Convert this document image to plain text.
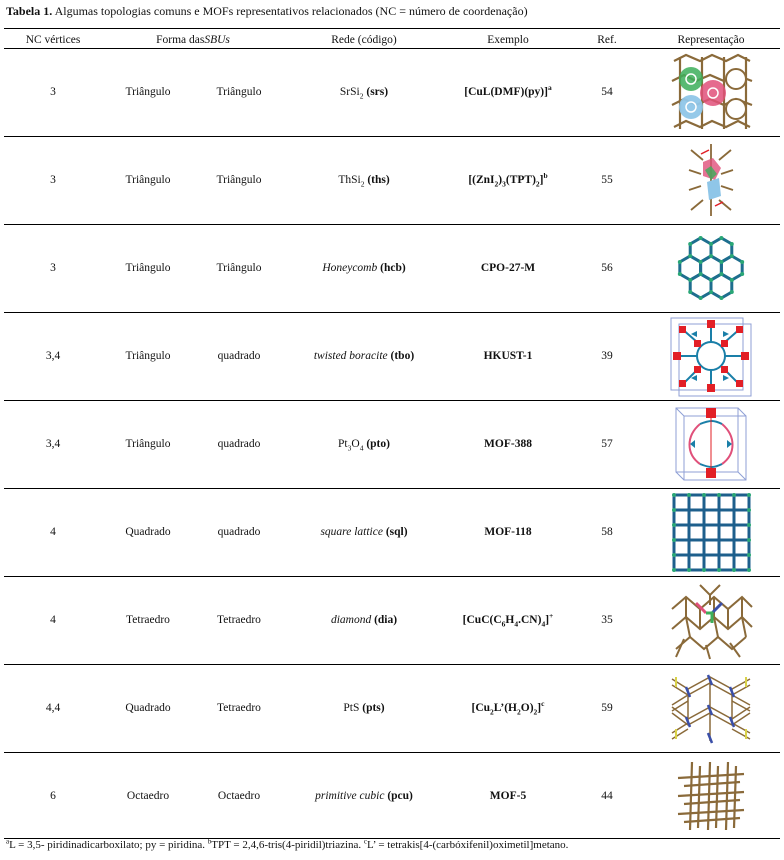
Tabela 1. Algumas topologias comuns e MOFs representativos relacionados (NC = número de coordenação)
NC vértices	Forma das SBUs	Rede (código)	Exemplo	Ref.	Representação
3	Triângulo	Triângulo	SrSi$_2$ (srs)	$[CuL(DMF)(py)]^a$	54
3	Triângulo	Triângulo	ThSi$_2$ (ths)	$[(ZnI_2)_3(TPT)_2]^b$	55
3	Triângulo	Triângulo	Honeycomb (hcb)	CPO-27-M	56
3,4	Triângulo	quadrado	twisted boracite (tbo)	HKUST-1	39
3,4	Triângulo	quadrado	$Pt_3O_4$ (pto)	MOF-388	57
4	Quadrado	quadrado	square lattice (sql)	MOF-118	58
4	Tetraedro	Tetraedro	diamond (dia)	$[CuC(C_6H_4.CN)_4]^+$	35
4,4	Quadrado	Tetraedro	PtS (pts)	$[Cu_2L’(H_2O)_2]^c$	59
6	Octaedro	Octaedro	primitive cubic (pcu)	MOF-5	44
$^a$L = 3,5- piridinadicarboxilato; py = piridina. $^b$TPT = 2,4,6-tris(4-piridil)triazina. $^c$L’ = tetrakis[4-(carbóxifenil)oximetil]metano.
